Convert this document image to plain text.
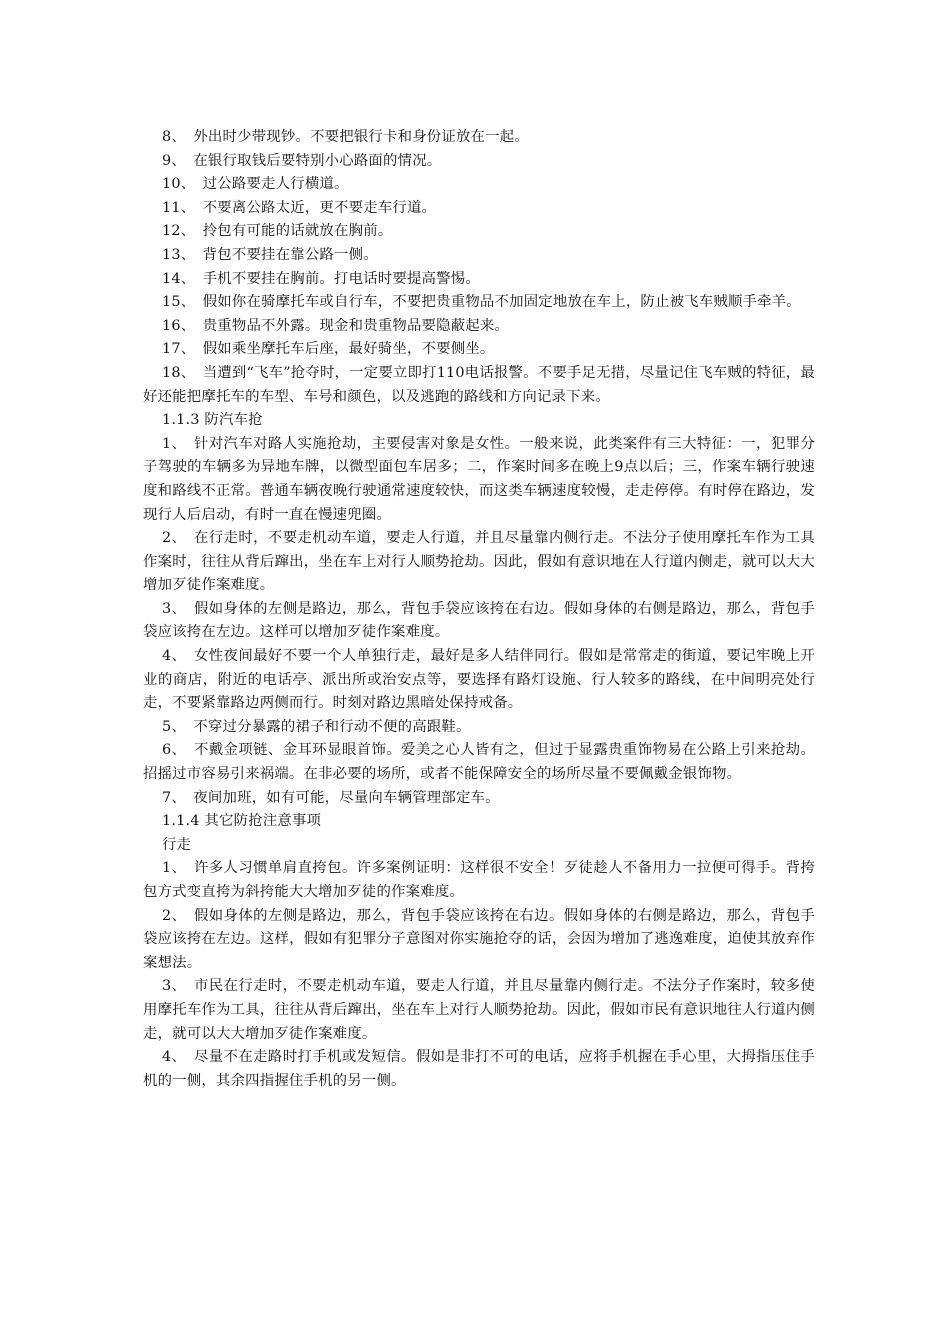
8、　外出时少带现钞。不要把银行卡和身份证放在一起。

9、　在银行取钱后要特别小心路面的情况。

10、　过公路要走人行横道。

11、　不要离公路太近，更不要走车行道。

12、　拎包有可能的话就放在胸前。

13、　背包不要挂在靠公路一侧。

14、　手机不要挂在胸前。打电话时要提高警惕。

15、　假如你在骑摩托车或自行车，不要把贵重物品不加固定地放在车上，防止被飞车贼顺手牵羊。

16、　贵重物品不外露。现金和贵重物品要隐蔽起来。

17、　假如乘坐摩托车后座，最好骑坐，不要侧坐。

18、　当遭到“飞车”抢夺时，一定要立即打110电话报警。不要手足无措，尽量记住飞车贼的特征，最好还能把摩托车的车型、车号和颜色，以及逃跑的路线和方向记录下来。

1.1.3 防汽车抢

1、　针对汽车对路人实施抢劫，主要侵害对象是女性。一般来说，此类案件有三大特征：一，犯罪分子驾驶的车辆多为异地车牌，以微型面包车居多；二，作案时间多在晚上9点以后；三，作案车辆行驶速度和路线不正常。普通车辆夜晚行驶通常速度较快，而这类车辆速度较慢，走走停停。有时停在路边，发现行人后启动，有时一直在慢速兜圈。

2、　在行走时，不要走机动车道，要走人行道，并且尽量靠内侧行走。不法分子使用摩托车作为工具作案时，往往从背后蹿出，坐在车上对行人顺势抢劫。因此，假如有意识地在人行道内侧走，就可以大大增加歹徒作案难度。

3、　假如身体的左侧是路边，那么，背包手袋应该挎在右边。假如身体的右侧是路边，那么，背包手袋应该挎在左边。这样可以增加歹徒作案难度。

4、　女性夜间最好不要一个人单独行走，最好是多人结伴同行。假如是常常走的街道，要记牢晚上开业的商店，附近的电话亭、派出所或治安点等，要选择有路灯设施、行人较多的路线，在中间明亮处行走，不要紧靠路边两侧而行。时刻对路边黑暗处保持戒备。

5、　不穿过分暴露的裙子和行动不便的高跟鞋。

6、　不戴金项链、金耳环显眼首饰。爱美之心人皆有之，但过于显露贵重饰物易在公路上引来抢劫。招摇过市容易引来祸端。在非必要的场所，或者不能保障安全的场所尽量不要佩戴金银饰物。

7、　夜间加班，如有可能，尽量向车辆管理部定车。

1.1.4 其它防抢注意事项

行走

1、　许多人习惯单肩直挎包。许多案例证明：这样很不安全！歹徒趁人不备用力一拉便可得手。背挎包方式变直挎为斜挎能大大增加歹徒的作案难度。

2、　假如身体的左侧是路边，那么，背包手袋应该挎在右边。假如身体的右侧是路边，那么，背包手袋应该挎在左边。这样，假如有犯罪分子意图对你实施抢夺的话，会因为增加了逃逸难度，迫使其放弃作案想法。

3、　市民在行走时，不要走机动车道，要走人行道，并且尽量靠内侧行走。不法分子作案时，较多使用摩托车作为工具，往往从背后蹿出，坐在车上对行人顺势抢劫。因此，假如市民有意识地往人行道内侧走，就可以大大增加歹徒作案难度。

4、　尽量不在走路时打手机或发短信。假如是非打不可的电话，应将手机握在手心里，大拇指压住手机的一侧，其余四指握住手机的另一侧。
